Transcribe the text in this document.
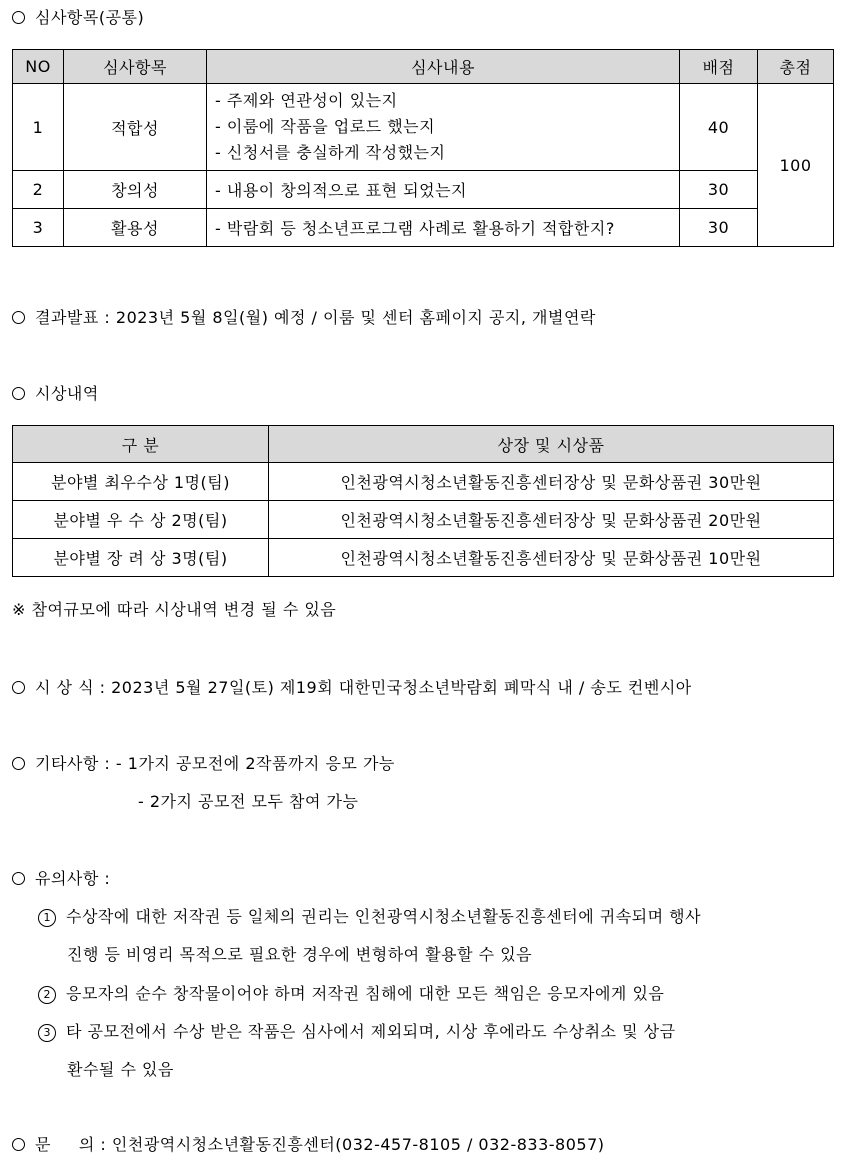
심사항목(공통)
NO	심사항목	심사내용	배점	총점
1	적합성	- 주제와 연관성이 있는지
- 이룸에 작품을 업로드 했는지
- 신청서를 충실하게 작성했는지	40	100
2	창의성	- 내용이 창의적으로 표현 되었는지	30	
3	활용성	- 박람회 등 청소년프로그램 사례로 활용하기 적합한지?	30	
결과발표 : 2023년 5월 8일(월) 예정 / 이룸 및 센터 홈페이지 공지, 개별연락
시상내역
구 분	상장 및 시상품
분야별 최우수상 1명(팀)	인천광역시청소년활동진흥센터장상 및 문화상품권 30만원
분야별 우 수 상 2명(팀)	인천광역시청소년활동진흥센터장상 및 문화상품권 20만원
분야별 장 려 상 3명(팀)	인천광역시청소년활동진흥센터장상 및 문화상품권 10만원
※ 참여규모에 따라 시상내역 변경 될 수 있음
시 상 식 : 2023년 5월 27일(토) 제19회 대한민국청소년박람회 폐막식 내 / 송도 컨벤시아
기타사항 : - 1가지 공모전에 2작품까지 응모 가능
- 2가지 공모전 모두 참여 가능
유의사항 :
1 수상작에 대한 저작권 등 일체의 권리는 인천광역시청소년활동진흥센터에 귀속되며 행사
진행 등 비영리 목적으로 필요한 경우에 변형하여 활용할 수 있음
2 응모자의 순수 창작물이어야 하며 저작권 침해에 대한 모든 책임은 응모자에게 있음
3 타 공모전에서 수상 받은 작품은 심사에서 제외되며, 시상 후에라도 수상취소 및 상금
환수될 수 있음
문     의 : 인천광역시청소년활동진흥센터(032-457-8105 / 032-833-8057)
